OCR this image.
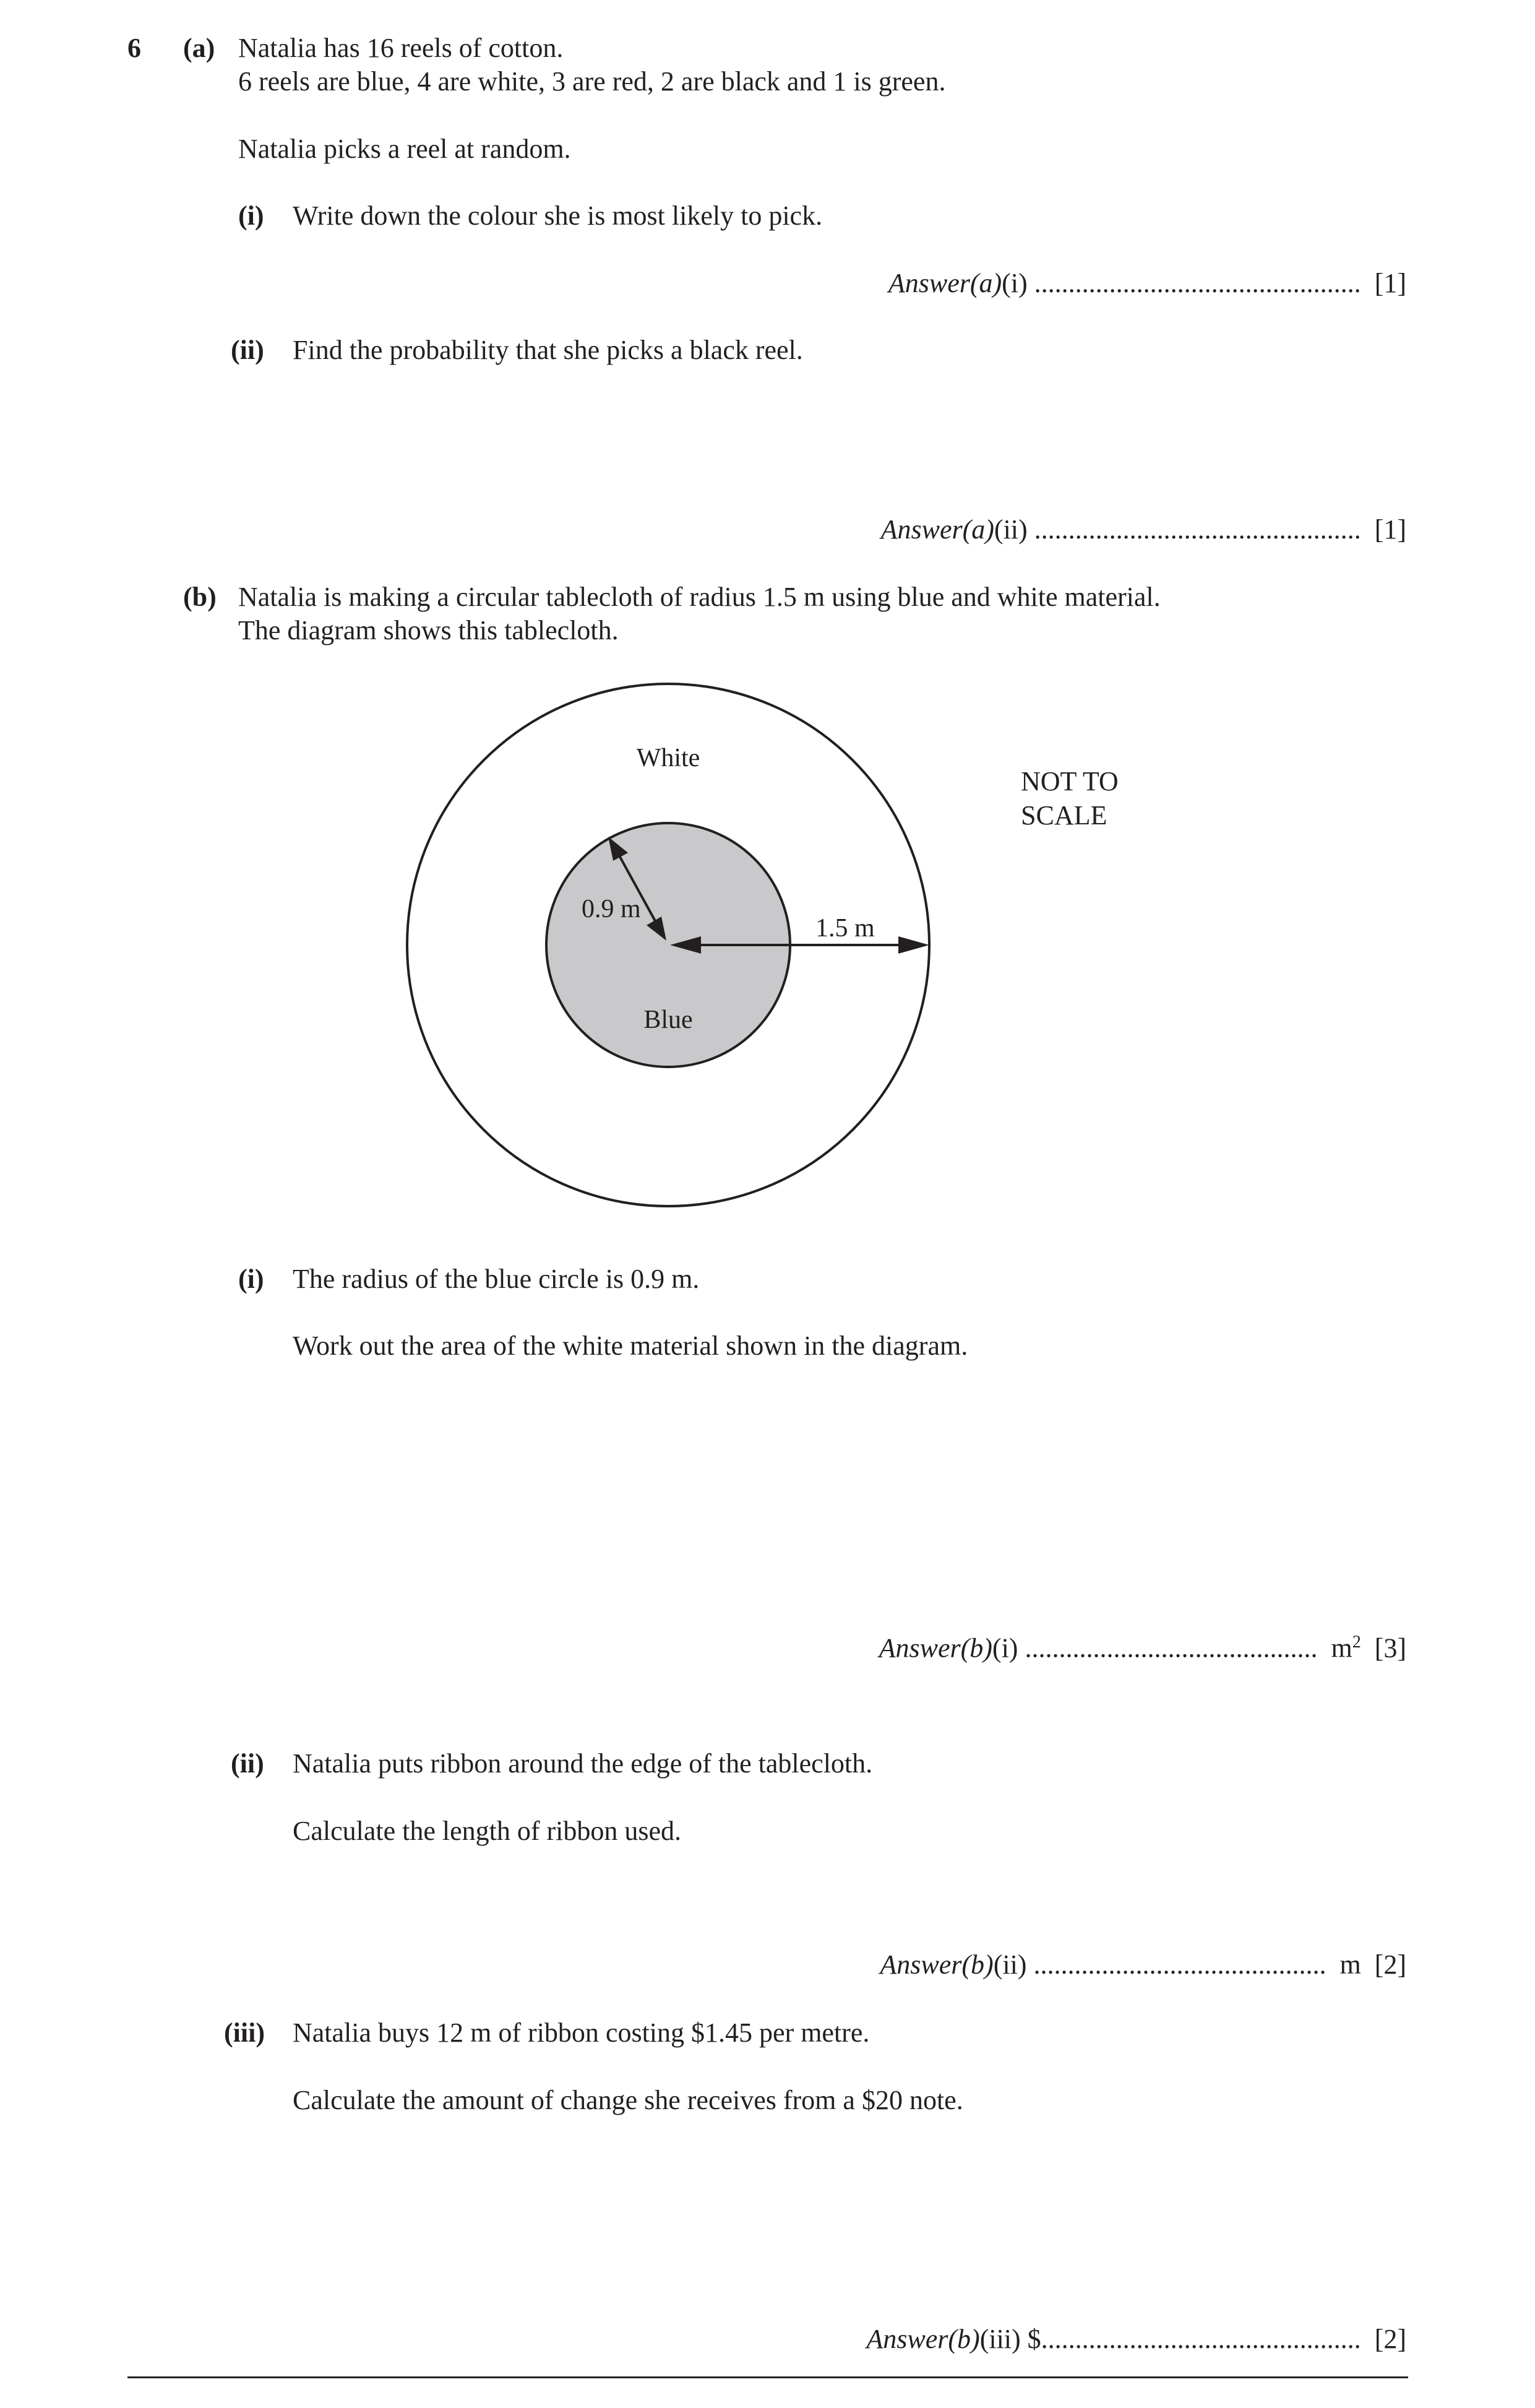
6 (a) Natalia has 16 reels of cotton.
6 reels are blue, 4 are white, 3 are red, 2 are black and 1 is green.
Natalia picks a reel at random.
(i) Write down the colour she is most likely to pick.
Answer(a)(i) ................................................ [1]
(ii) Find the probability that she picks a black reel.
Answer(a)(ii) ................................................ [1]
(b) Natalia is making a circular tablecloth of radius 1.5 m using blue and white material.
The diagram shows this tablecloth.
White
Blue
0.9 m
1.5 m
NOT TO
SCALE
(i) The radius of the blue circle is 0.9 m.
Work out the area of the white material shown in the diagram.
Answer(b)(i) ........................................... $m^2$ [3]
(ii) Natalia puts ribbon around the edge of the tablecloth.
Calculate the length of ribbon used.
Answer(b)(ii) ........................................... m [2]
(iii) Natalia buys 12 m of ribbon costing $1.45 per metre.
Calculate the amount of change she receives from a $20 note.
Answer(b)(iii) $............................................... [2]
